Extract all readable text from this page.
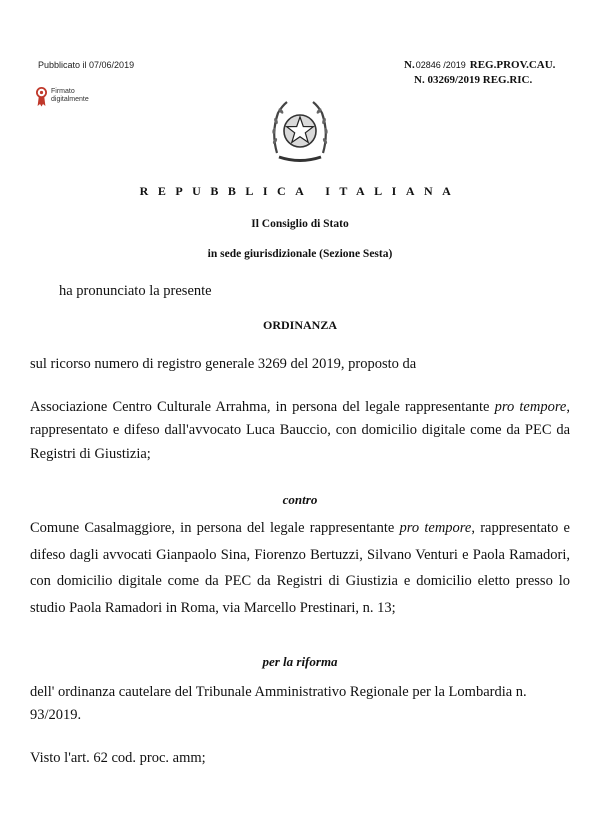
Pubblicato il 07/06/2019
Firmato
digitalmente
N. 02846 /2019 REG.PROV.CAU.
N. 03269/2019 REG.RIC.
REPUBBLICA ITALIANA
Il Consiglio di Stato
in sede giurisdizionale (Sezione Sesta)
ha pronunciato la presente
ORDINANZA
sul ricorso numero di registro generale 3269 del 2019, proposto da
Associazione Centro Culturale Arrahma, in persona del legale rappresentante pro tempore, rappresentato e difeso dall'avvocato Luca Bauccio, con domicilio digitale come da PEC da Registri di Giustizia;
contro
Comune Casalmaggiore, in persona del legale rappresentante pro tempore, rappresentato e difeso dagli avvocati Gianpaolo Sina, Fiorenzo Bertuzzi, Silvano Venturi e Paola Ramadori, con domicilio digitale come da PEC da Registri di Giustizia e domicilio eletto presso lo studio Paola Ramadori in Roma, via Marcello Prestinari, n. 13;
per la riforma
dell' ordinanza cautelare del Tribunale Amministrativo Regionale per la Lombardia n. 93/2019.
Visto l'art. 62 cod. proc. amm;
